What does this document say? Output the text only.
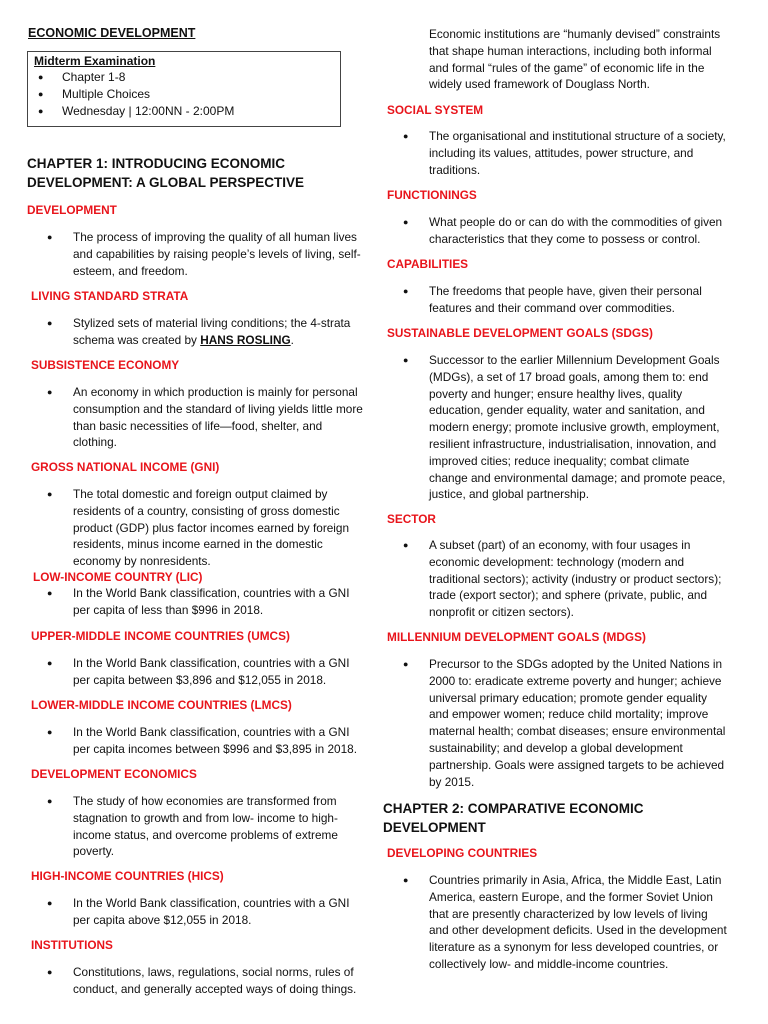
ECONOMIC DEVELOPMENT
Midterm Examination
● Chapter 1-8
● Multiple Choices
● Wednesday | 12:00NN - 2:00PM

CHAPTER 1: INTRODUCING ECONOMIC

DEVELOPMENT: A GLOBAL PERSPECTIVE

DEVELOPMENT

● The process of improving the quality of all human lives and capabilities by raising people’s levels of living, self-esteem, and freedom.

LIVING STANDARD STRATA

● Stylized sets of material living conditions; the 4-strata schema was created by HANS ROSLING.

SUBSISTENCE ECONOMY

● An economy in which production is mainly for personal consumption and the standard of living yields little more than basic necessities of life—food, shelter, and clothing.

GROSS NATIONAL INCOME (GNI)

● The total domestic and foreign output claimed by residents of a country, consisting of gross domestic product (GDP) plus factor incomes earned by foreign residents, minus income earned in the domestic economy by nonresidents.

LOW-INCOME COUNTRY (LIC)

● In the World Bank classification, countries with a GNI per capita of less than $996 in 2018.

UPPER-MIDDLE INCOME COUNTRIES (UMCS)

● In the World Bank classification, countries with a GNI per capita between $3,896 and $12,055 in 2018.

LOWER-MIDDLE INCOME COUNTRIES (LMCS)

● In the World Bank classification, countries with a GNI per capita incomes between $996 and $3,895 in 2018.

DEVELOPMENT ECONOMICS

● The study of how economies are transformed from stagnation to growth and from low- income to high-income status, and overcome problems of extreme poverty.

HIGH-INCOME COUNTRIES (HICS)

● In the World Bank classification, countries with a GNI per capita above $12,055 in 2018.

INSTITUTIONS

● Constitutions, laws, regulations, social norms, rules of conduct, and generally accepted ways of doing things.

Economic institutions are “humanly devised” constraints that shape human interactions, including both informal and formal “rules of the game” of economic life in the widely used framework of Douglass North.

SOCIAL SYSTEM

● The organisational and institutional structure of a society, including its values, attitudes, power structure, and traditions.

FUNCTIONINGS

● What people do or can do with the commodities of given characteristics that they come to possess or control.

CAPABILITIES

● The freedoms that people have, given their personal features and their command over commodities.

SUSTAINABLE DEVELOPMENT GOALS (SDGS)

● Successor to the earlier Millennium Development Goals (MDGs), a set of 17 broad goals, among them to: end poverty and hunger; ensure healthy lives, quality education, gender equality, water and sanitation, and modern energy; promote inclusive growth, employment, resilient infrastructure, industrialisation, innovation, and improved cities; reduce inequality; combat climate change and environmental damage; and promote peace, justice, and global partnership.

SECTOR

● A subset (part) of an economy, with four usages in economic development: technology (modern and traditional sectors); activity (industry or product sectors); trade (export sector); and sphere (private, public, and nonprofit or citizen sectors).

MILLENNIUM DEVELOPMENT GOALS (MDGS)

● Precursor to the SDGs adopted by the United Nations in 2000 to: eradicate extreme poverty and hunger; achieve universal primary education; promote gender equality and empower women; reduce child mortality; improve maternal health; combat diseases; ensure environmental sustainability; and develop a global development partnership. Goals were assigned targets to be achieved by 2015.

CHAPTER 2: COMPARATIVE ECONOMIC

DEVELOPMENT

DEVELOPING COUNTRIES

● Countries primarily in Asia, Africa, the Middle East, Latin America, eastern Europe, and the former Soviet Union that are presently characterized by low levels of living and other development deficits. Used in the development literature as a synonym for less developed countries, or collectively low- and middle-income countries.
